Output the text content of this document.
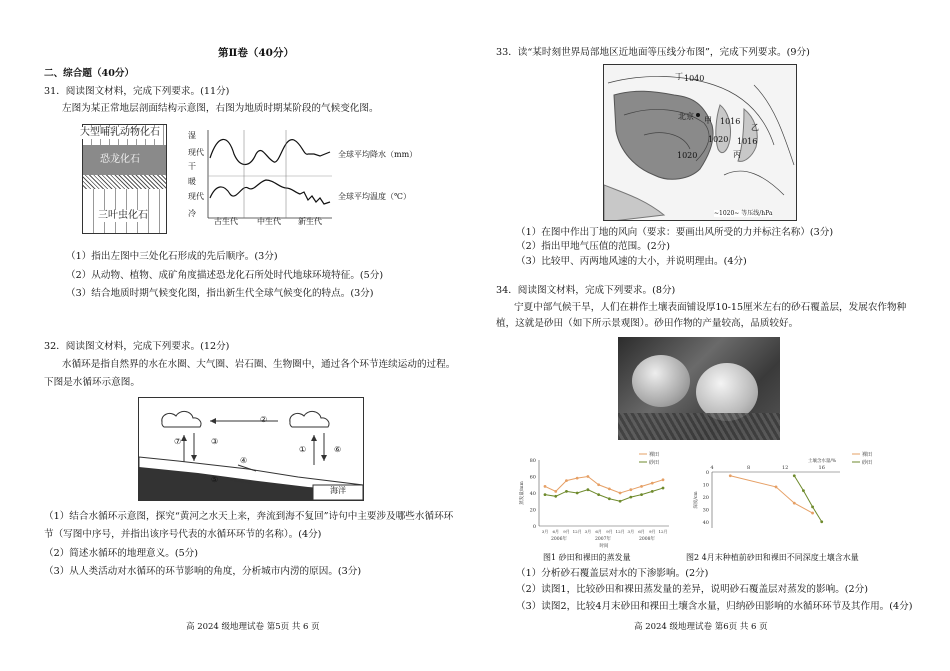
第Ⅱ卷（40分）
二、综合题（40分）
31．阅读图文材料，完成下列要求。(11分)
左图为某正常地层剖面结构示意图，右图为地质时期某阶段的气候变化图。
大型哺乳动物化石
恐龙化石
三叶虫化石
湿
现代
干
暖
现代
冷
全球平均降水（mm）
全球平均温度（℃）
古生代 中生代 新生代
（1）指出左图中三处化石形成的先后顺序。(3分)
（2）从动物、植物、成矿角度描述恐龙化石所处时代地球环境特征。(5分)
（3）结合地质时期气候变化图，指出新生代全球气候变化的特点。(3分)
32．阅读图文材料，完成下列要求。(12分)
水循环是指自然界的水在水圈、大气圈、岩石圈、生物圈中，通过各个环节连续运动的过程。
下图是水循环示意图。
②
⑦	③
①	⑥
④
⑤
海洋
（1）结合水循环示意图，探究“黄河之水天上来，奔流到海不复回”诗句中主要涉及哪些水循环环
节（写图中序号，并指出该序号代表的水循环环节的名称）。(4分)
（2）简述水循环的地理意义。(5分)
（3）从人类活动对水循环的环节影响的角度，分析城市内涝的原因。(3分)
高 2024 级地理试卷 第5页 共 6 页
33．读“某时刻世界局部地区近地面等压线分布图”，完成下列要求。(9分)
丁 1040
北京 甲 1016
乙
1020 1016
1020	丙
~1020~ 等压线/hPa
（1）在图中作出丁地的风向（要求：要画出风所受的力并标注名称）(3分)
（2）指出甲地气压值的范围。(2分)
（3）比较甲、丙两地风速的大小，并说明理由。(4分)
34．阅读图文材料，完成下列要求。(8分)
宁夏中部气候干旱，人们在耕作土壤表面铺设厚10-15厘米左右的砂石覆盖层，发展农作物种
植，这就是砂田（如下所示景观图）。砂田作物的产量较高，品质较好。
80
60
40
20
0
3月 6月 9月 12月 3月 6月 9月 12月 3月 6月 9月 12月
2006年	2007年	2008年
时间
蒸发量/mm
裸田
砂田
4	8	12	16
0
10
20
30
40
土壤含水量/%
深度/cm
裸田
砂田
图1 砂田和裸田的蒸发量	图2 4月末种植前砂田和裸田不同深度土壤含水量
（1）分析砂石覆盖层对水的下渗影响。(2分)
（2）读图1，比较砂田和裸田蒸发量的差异，说明砂石覆盖层对蒸发的影响。(2分)
（3）读图2，比较4月末砂田和裸田土壤含水量，归纳砂田影响的水循环环节及其作用。(4分)
高 2024 级地理试卷 第6页 共 6 页
